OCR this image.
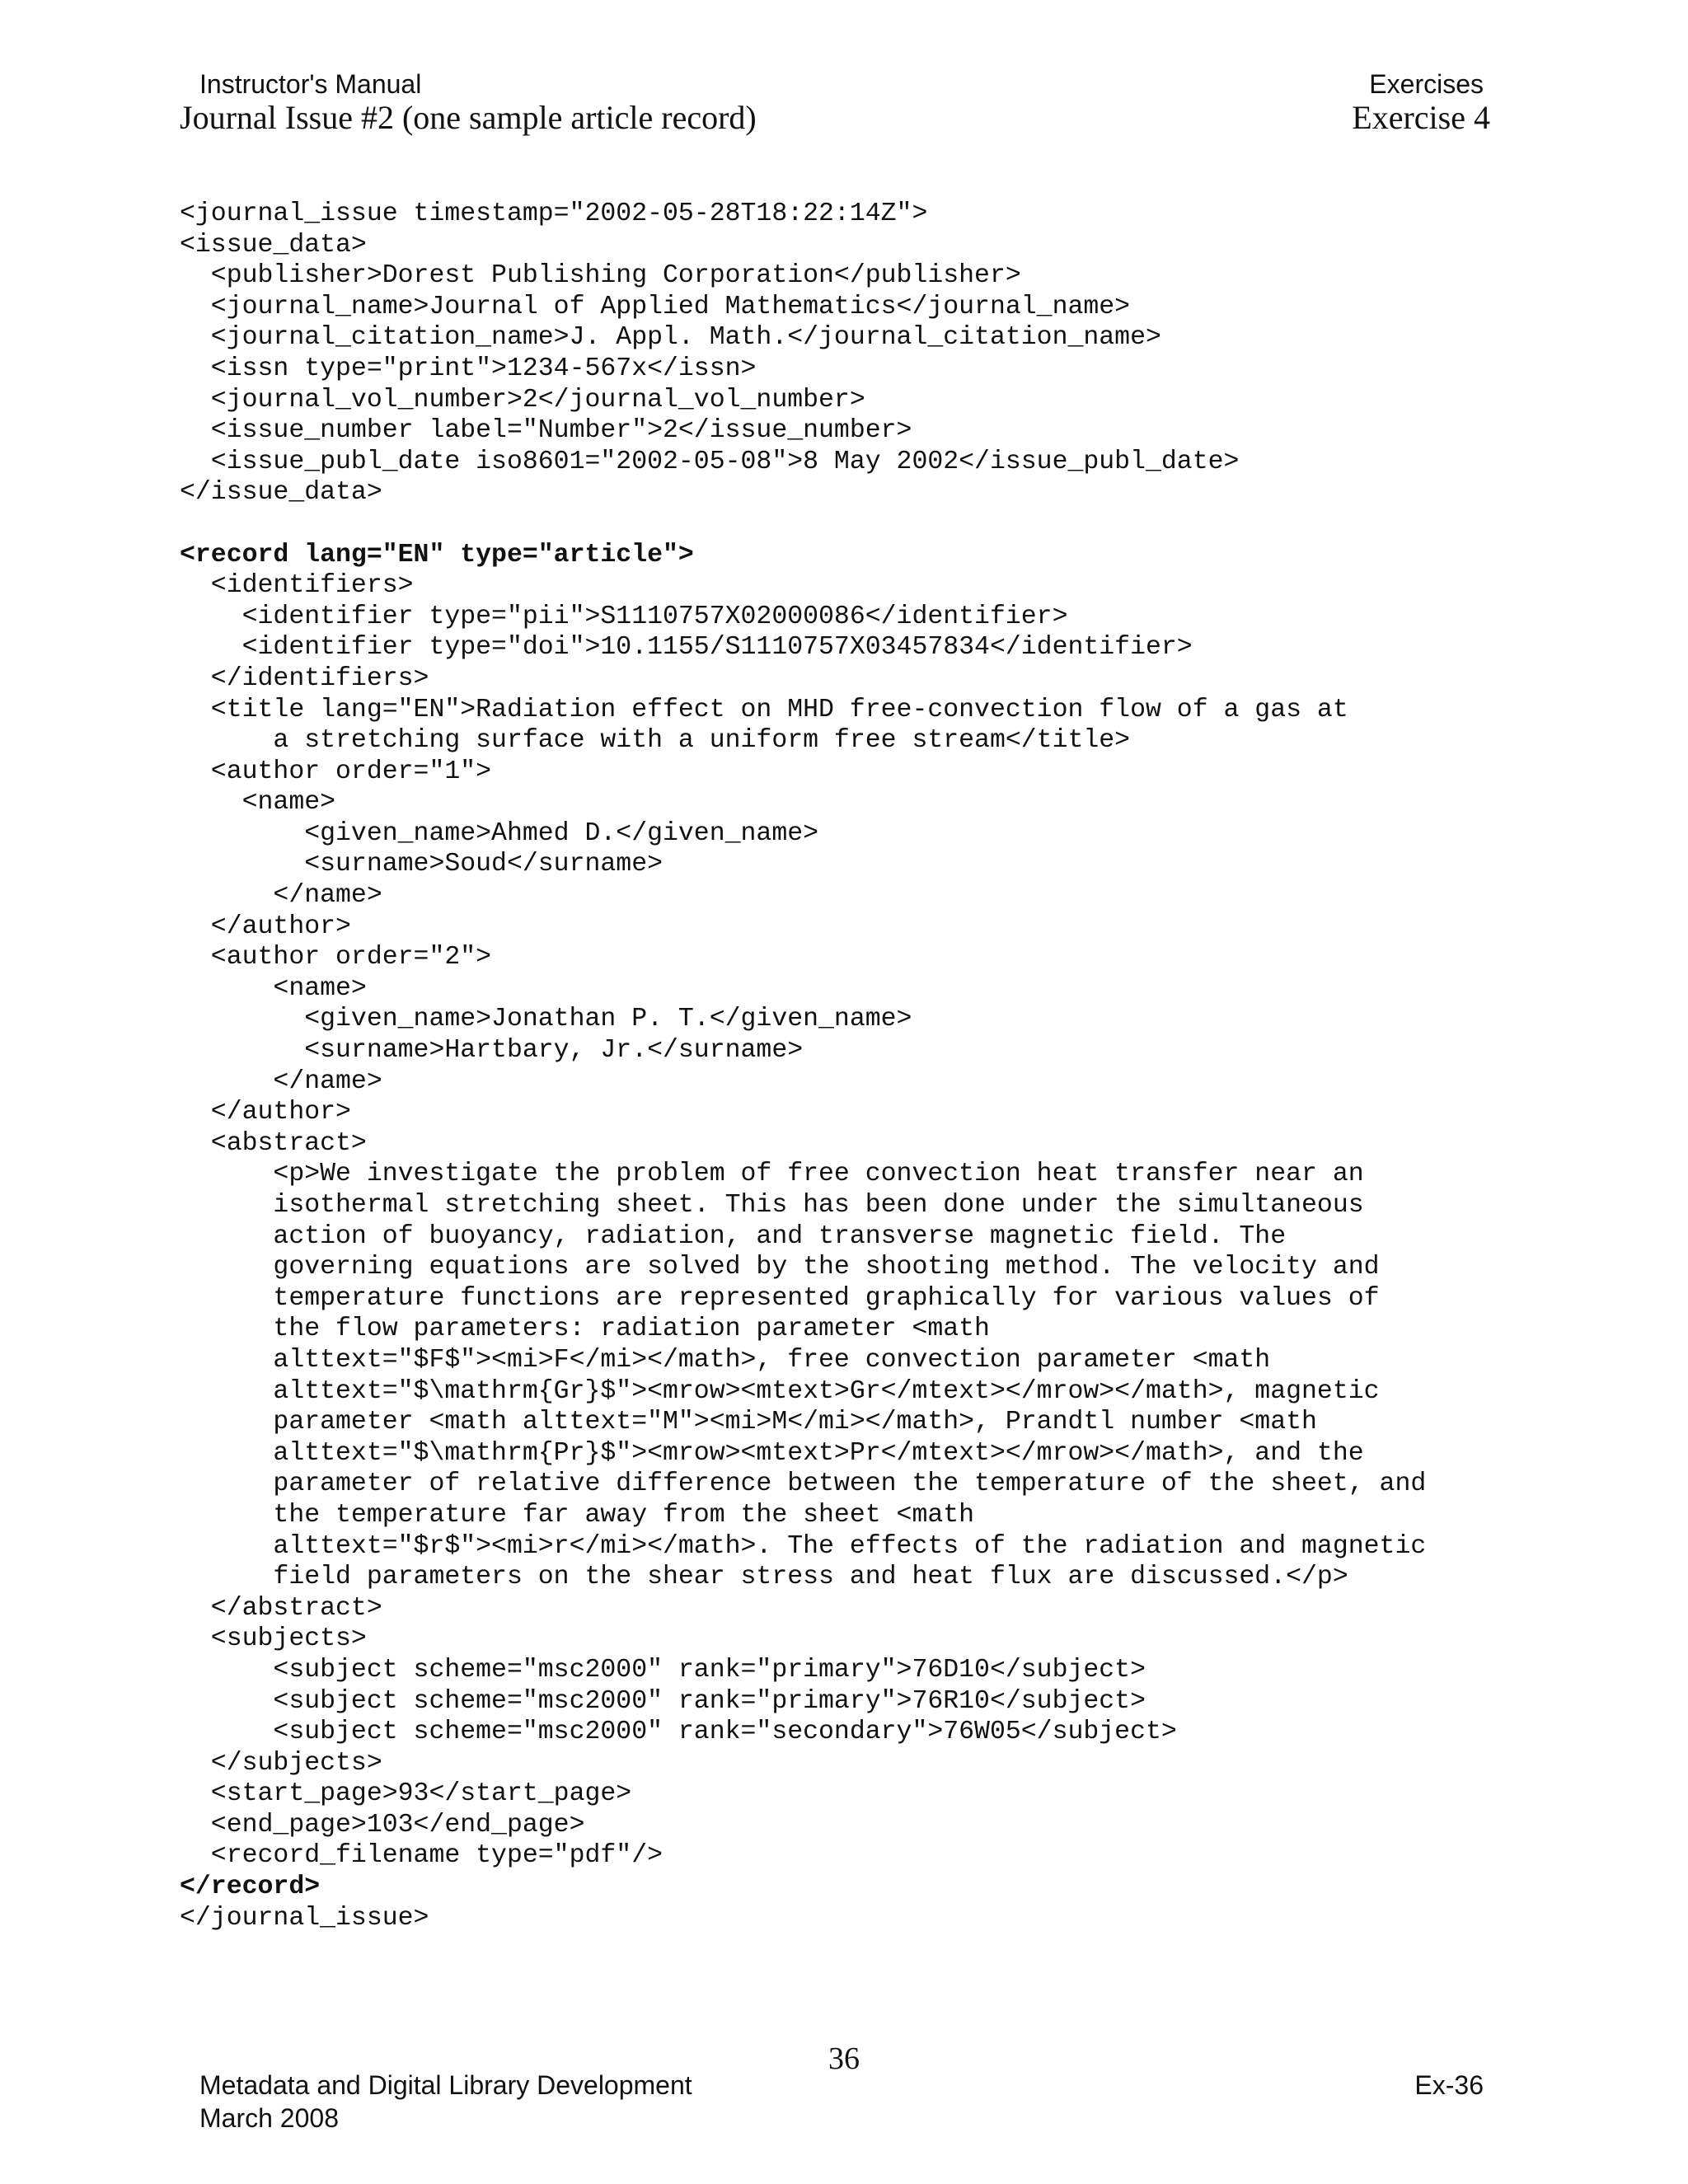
Instructor's Manual	Exercises
Journal Issue #2 (one sample article record)	Exercise 4
<journal_issue timestamp="2002-05-28T18:22:14Z">
<issue_data>
<publisher>Dorest Publishing Corporation</publisher>
<journal_name>Journal of Applied Mathematics</journal_name>
<journal_citation_name>J. Appl. Math.</journal_citation_name>
<issn type="print">1234-567x</issn>
<journal_vol_number>2</journal_vol_number>
<issue_number label="Number">2</issue_number>
<issue_publ_date iso8601="2002-05-08">8 May 2002</issue_publ_date>
</issue_data>
<record lang="EN" type="article">
<identifiers>
<identifier type="pii">S1110757X02000086</identifier>
<identifier type="doi">10.1155/S1110757X03457834</identifier>
</identifiers>
<title lang="EN">Radiation effect on MHD free-convection flow of a gas at
a stretching surface with a uniform free stream</title>
<author order="1">
<name>
<given_name>Ahmed D.</given_name>
<surname>Soud</surname>
</name>
</author>
<author order="2">
<name>
<given_name>Jonathan P. T.</given_name>
<surname>Hartbary, Jr.</surname>
</name>
</author>
<abstract>
<p>We investigate the problem of free convection heat transfer near an
isothermal stretching sheet. This has been done under the simultaneous
action of buoyancy, radiation, and transverse magnetic field. The
governing equations are solved by the shooting method. The velocity and
temperature functions are represented graphically for various values of
the flow parameters: radiation parameter <math
alttext="$F$"><mi>F</mi></math>, free convection parameter <math
alttext="$\mathrm{Gr}$"><mrow><mtext>Gr</mtext></mrow></math>, magnetic
parameter <math alttext="M"><mi>M</mi></math>, Prandtl number <math
alttext="$\mathrm{Pr}$"><mrow><mtext>Pr</mtext></mrow></math>, and the
parameter of relative difference between the temperature of the sheet, and
the temperature far away from the sheet <math
alttext="$r$"><mi>r</mi></math>. The effects of the radiation and magnetic
field parameters on the shear stress and heat flux are discussed.</p>
</abstract>
<subjects>
<subject scheme="msc2000" rank="primary">76D10</subject>
<subject scheme="msc2000" rank="primary">76R10</subject>
<subject scheme="msc2000" rank="secondary">76W05</subject>
</subjects>
<start_page>93</start_page>
<end_page>103</end_page>
<record_filename type="pdf"/>
</record>
</journal_issue>
36
Metadata and Digital Library Development
March 2008
Ex-36
